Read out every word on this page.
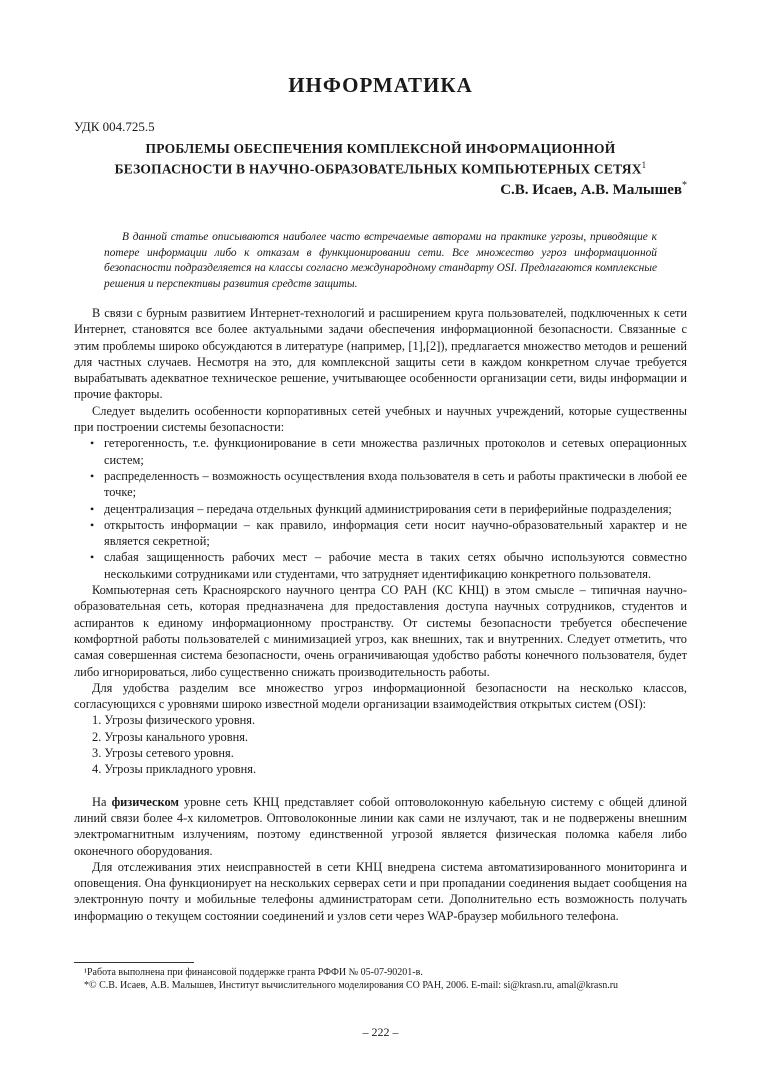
ИНФОРМАТИКА
УДК 004.725.5
ПРОБЛЕМЫ ОБЕСПЕЧЕНИЯ КОМПЛЕКСНОЙ ИНФОРМАЦИОННОЙ
БЕЗОПАСНОСТИ В НАУЧНО-ОБРАЗОВАТЕЛЬНЫХ КОМПЬЮТЕРНЫХ СЕТЯХ$^1$
С.В. Исаев, А.В. Малышев*

В данной статье описываются наиболее часто встречаемые авторами на практике угрозы, приводящие к потере информации либо к отказам в функционировании сети. Все множество угроз информационной безопасности подразделяется на классы согласно международному стандарту OSI. Предлагаются комплексные решения и перспективы развития средств защиты.

В связи с бурным развитием Интернет-технологий и расширением круга пользователей, подключенных к сети Интернет, становятся все более актуальными задачи обеспечения информационной безопасности. Связанные с этим проблемы широко обсуждаются в литературе (например, [1],[2]), предлагается множество методов и решений для частных случаев. Несмотря на это, для комплексной защиты сети в каждом конкретном случае требуется вырабатывать адекватное техническое решение, учитывающее особенности организации сети, виды информации и прочие факторы.

Следует выделить особенности корпоративных сетей учебных и научных учреждений, которые существенны при построении системы безопасности:

• гетерогенность, т.е. функционирование в сети множества различных протоколов и сетевых операционных систем;
• распределенность – возможность осуществления входа пользователя в сеть и работы практически в любой ее точке;
• децентрализация – передача отдельных функций администрирования сети в периферийные подразделения;
• открытость информации – как правило, информация сети носит научно-образовательный характер и не является секретной;
• слабая защищенность рабочих мест – рабочие места в таких сетях обычно используются совместно несколькими сотрудниками или студентами, что затрудняет идентификацию конкретного пользователя.

Компьютерная сеть Красноярского научного центра СО РАН (КС КНЦ) в этом смысле – типичная научно-образовательная сеть, которая предназначена для предоставления доступа научных сотрудников, студентов и аспирантов к единому информационному пространству. От системы безопасности требуется обеспечение комфортной работы пользователей с минимизацией угроз, как внешних, так и внутренних. Следует отметить, что самая совершенная система безопасности, очень ограничивающая удобство работы конечного пользователя, будет либо игнорироваться, либо существенно снижать производительность работы.

Для удобства разделим все множество угроз информационной безопасности на несколько классов, согласующихся с уровнями широко известной модели организации взаимодействия открытых систем (OSI):

1. Угрозы физического уровня.
2. Угрозы канального уровня.
3. Угрозы сетевого уровня.
4. Угрозы прикладного уровня.

На физическом уровне сеть КНЦ представляет собой оптоволоконную кабельную систему с общей длиной линий связи более 4-х километров. Оптоволоконные линии как сами не излучают, так и не подвержены внешним электромагнитным излучениям, поэтому единственной угрозой является физическая поломка кабеля либо оконечного оборудования.

Для отслеживания этих неисправностей в сети КНЦ внедрена система автоматизированного мониторинга и оповещения. Она функционирует на нескольких серверах сети и при пропадании соединения выдает сообщения на электронную почту и мобильные телефоны администраторам сети. Дополнительно есть возможность получать информацию о текущем состоянии соединений и узлов сети через WAP-браузер мобильного телефона.

¹Работа выполнена при финансовой поддержке гранта РФФИ № 05-07-90201-в.

*© С.В. Исаев, А.В. Малышев, Институт вычислительного моделирования СО РАН, 2006. E-mail: si@krasn.ru, amal@krasn.ru

– 222 –
